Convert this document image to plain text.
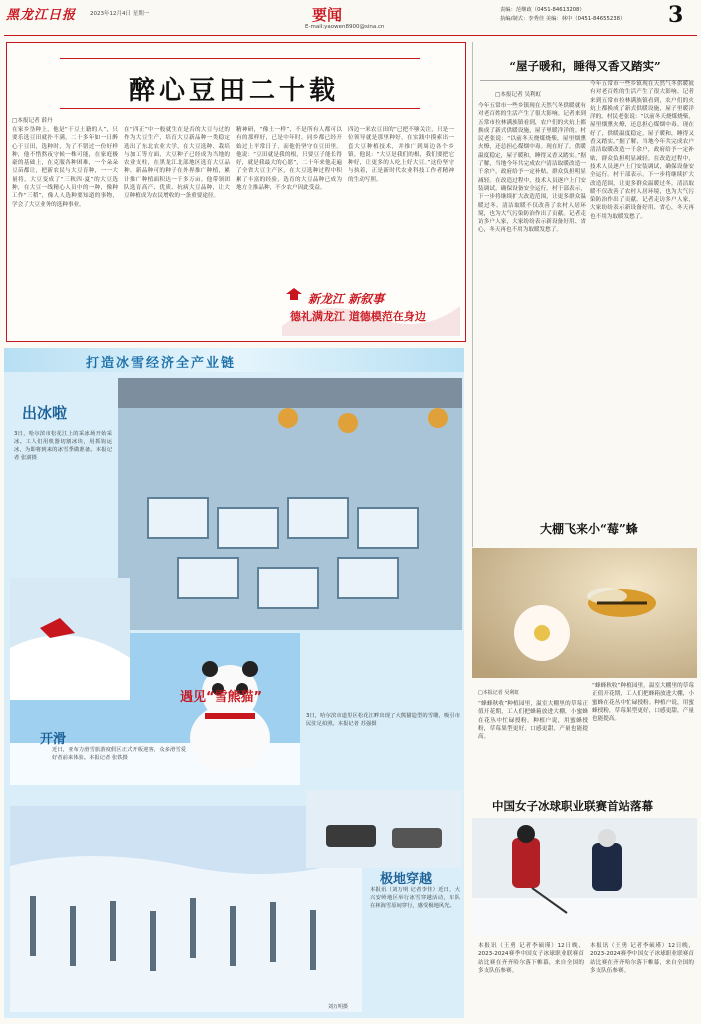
黑龙江日报	2023年12月4日 星期一	要闻
E-mail:yaowen8900@sina.cn
责编：范继政（0451-84613208）
执编/制式：李秀佳 美编：林中（0451-84655238） 3
醉心豆田二十载
□本报记者 薛丹
在家乡垦种上，他是“干豆土籍的人”，只要乐选豆田就扑不满，二十多年如一日醉心于豆田，选种时，为了不错过一份好样种，他不惜熬夜守候一株可能，在家庭极豪的基础上，在克服各种困难，一个朵朵豆苗都让，把新农民与大豆育种，一一大量将，大豆变成了“三秋四·夏”的大豆选种，在大豆一线精心人员中的一种，像种工作“三稻”，像人人选种要知道的事物，学会了大豆业务的选种事业。
在“四正”中一般就生在是否的大豆与过的作为大豆生产，培育大豆新品种一类稳定选出了东北农业大学，在大豆选种、栽培与加工等方面，大豆种子已经成为当地的农业支柱，在黑龙江北部地区选育大豆品种、新品种可的种子在外界推广种植，累计推广种植面积达一千多万亩。他带领团队选育高产、优质、抗病大豆品种，让大豆种植成为农民增收的一条重要途径。
精神研，“像土一样”，不是所有人都可以有的那样好，已是中年时，同乡都已经开始过上平常日子，而他仍坚守在豆田里。他说：“豆田就是我的根，只要豆子能长得好，就是我最大的心愿”，二十年来他走遍了全省大豆主产区，在大豆选种过程中积累了丰富的经验，选育的大豆品种已成为地方主推品种，不少农户因此受益。
四边一米农豆田的“已把不够关注，只是一位领导就是那里种好，在实践中摸索出一套大豆种植技术，并推广到周边各个乡镇。他说：“大豆是我们的根，我们要把它种好，让更多的人吃上好大豆。”这份坚守与执着，正是新时代农业科技工作者精神的生动写照。
新龙江 新叙事
德礼满龙江 道德模范在身边
“屋子暖和，睡得又香又踏实”
□本报记者 吴利虹
今年五常市一些乡镇现在天然气冬供暖就有对老百姓的生活产生了很大影响。记者来到五常市拉林满族镇看到，农户们的火炕上都换成了新式供暖设施，屋子里暖洋洋的。村民老张说：“以前冬天烧煤烧柴，屋里烟熏火燎，还总担心煤烟中毒。现在好了，供暖温度稳定，屋子暖和，睡得又香又踏实。”据了解，当地今年共完成农户清洁取暖改造一千余户，政府给予一定补贴，群众负担明显减轻。在改造过程中，技术人员逐户上门安装调试，确保设备安全运行。村干部表示，下一步将继续扩大改造范围，让更多群众温暖过冬。清洁取暖不仅改善了农村人居环境，也为大气污染防治作出了贡献。记者走访多户人家，大家纷纷表示新设备好用、省心，冬天再也不用为取暖发愁了。
今年五常市一些乡镇现在天然气冬供暖就有对老百姓的生活产生了很大影响。记者来到五常市拉林满族镇看到，农户们的火炕上都换成了新式供暖设施，屋子里暖洋洋的。村民老张说：“以前冬天烧煤烧柴，屋里烟熏火燎，还总担心煤烟中毒。现在好了，供暖温度稳定，屋子暖和，睡得又香又踏实。”据了解，当地今年共完成农户清洁取暖改造一千余户，政府给予一定补贴，群众负担明显减轻。在改造过程中，技术人员逐户上门安装调试，确保设备安全运行。村干部表示，下一步将继续扩大改造范围，让更多群众温暖过冬。清洁取暖不仅改善了农村人居环境，也为大气污染防治作出了贡献。记者走访多户人家，大家纷纷表示新设备好用、省心，冬天再也不用为取暖发愁了。
大棚飞来小“莓”蜂
□本报记者 吴利虹
“蜂蜂秋收”种植园里，温室大棚里的草莓正值开花期，工人们把蜂箱放进大棚，小蜜蜂在花丛中忙碌授粉。种植户说，用蜜蜂授粉，草莓果型更好，口感更甜，产量也能提高。
“蜂蜂秋收”种植园里，温室大棚里的草莓正值开花期，工人们把蜂箱放进大棚，小蜜蜂在花丛中忙碌授粉。种植户说，用蜜蜂授粉，草莓果型更好，口感更甜，产量也能提高。
中国女子冰球职业联赛首站落幕
本报讯（王勇 记者李硕瑾）12日晚，2023-2024赛季中国女子冰球职业联赛首站比赛在齐齐哈尔落下帷幕，来自全国的多支队伍参赛。
本报讯（王勇 记者李硕瑾）12日晚，2023-2024赛季中国女子冰球职业联赛首站比赛在齐齐哈尔落下帷幕，来自全国的多支队伍参赛。
打造冰雪经济全产业链
出冰啦
3日，哈尔滨市松花江上的采冰场开始采冰。工人们用机器切割冰块，用抓钩运冰，为即将到来的冰雪季做准备。本报记者 张澍摄
遇见“雪熊猫”
3日，哈尔滨市道里区松花江畔出现了大熊猫造型的雪雕，吸引市民驻足拍照。本报记者 苏强摄
开滑
近日，亚布力滑雪旅游度假区正式开板迎客，众多滑雪爱好者前来体验。本报记者 张铁摄
极地穿越
本报讯（刘万明 记者李佳）近日，大兴安岭地区举行冰雪穿越活动，车队在林海雪原间穿行，感受极地风光。
刘万明摄
